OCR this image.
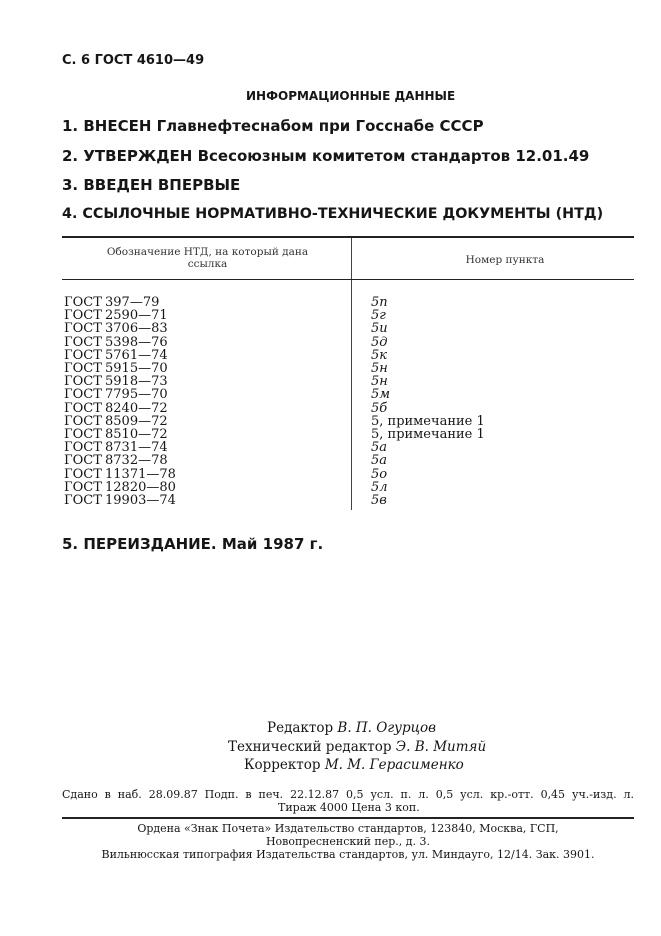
С. 6 ГОСТ 4610—49
ИНФОРМАЦИОННЫЕ ДАННЫЕ
1. ВНЕСЕН Главнефтеснабом при Госснабе СССР
2. УТВЕРЖДЕН Всесоюзным комитетом стандартов 12.01.49
3. ВВЕДЕН ВПЕРВЫЕ
4. ССЫЛОЧНЫЕ НОРМАТИВНО-ТЕХНИЧЕСКИЕ ДОКУМЕНТЫ (НТД)
Обозначение НТД, на который дана ссылка	Номер пункта
ГОСТ 397—79	5п
ГОСТ 2590—71	5г
ГОСТ 3706—83	5и
ГОСТ 5398—76	5д
ГОСТ 5761—74	5к
ГОСТ 5915—70	5н
ГОСТ 5918—73	5н
ГОСТ 7795—70	5м
ГОСТ 8240—72	5б
ГОСТ 8509—72	5, примечание 1
ГОСТ 8510—72	5, примечание 1
ГОСТ 8731—74	5а
ГОСТ 8732—78	5а
ГОСТ 11371—78	5о
ГОСТ 12820—80	5л
ГОСТ 19903—74	5в
5. ПЕРЕИЗДАНИЕ. Май 1987 г.
Редактор В. П. Огурцов
Технический редактор Э. В. Митяй
Корректор М. М. Герасименко
Сдано в наб. 28.09.87 Подп. в печ. 22.12.87 0,5 усл. п. л. 0,5 усл. кр.-отт. 0,45 уч.-изд. л.
Тираж 4000 Цена 3 коп.
Ордена «Знак Почета» Издательство стандартов, 123840, Москва, ГСП,
Новопресненский пер., д. 3.
Вильнюсская типография Издательства стандартов, ул. Миндауго, 12/14. Зак. 3901.
